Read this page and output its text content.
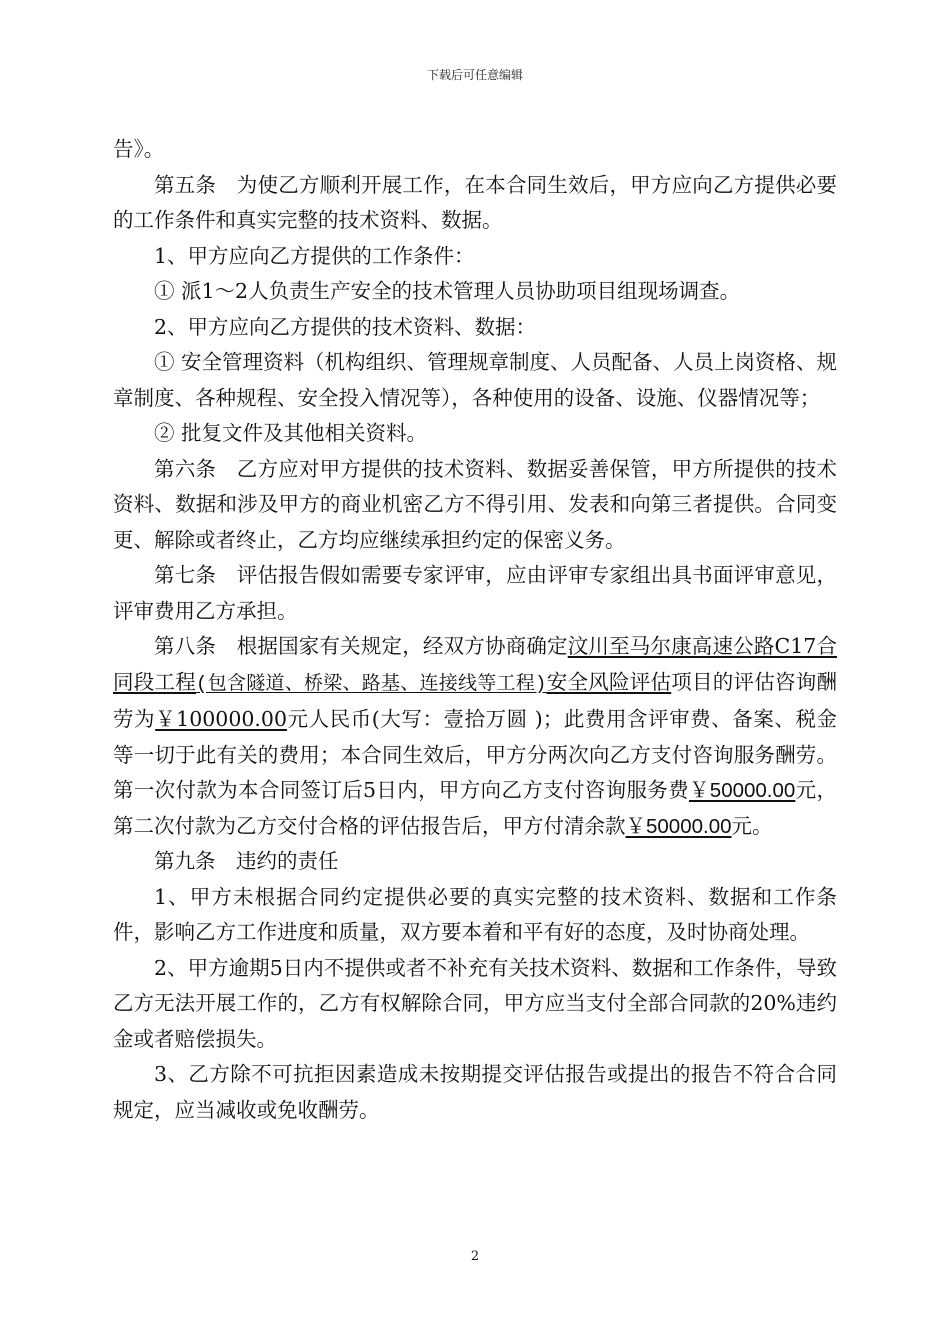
下载后可任意编辑

告》。

第五条　为使乙方顺利开展工作，在本合同生效后，甲方应向乙方提供必要的工作条件和真实完整的技术资料、数据。

1、甲方应向乙方提供的工作条件：

① 派1～2人负责生产安全的技术管理人员协助项目组现场调查。

2、甲方应向乙方提供的技术资料、数据：

① 安全管理资料（机构组织、管理规章制度、人员配备、人员上岗资格、规章制度、各种规程、安全投入情况等），各种使用的设备、设施、仪器情况等；

② 批复文件及其他相关资料。

第六条　乙方应对甲方提供的技术资料、数据妥善保管，甲方所提供的技术资料、数据和涉及甲方的商业机密乙方不得引用、发表和向第三者提供。合同变更、解除或者终止，乙方均应继续承担约定的保密义务。

第七条　评估报告假如需要专家评审，应由评审专家组出具书面评审意见，评审费用乙方承担。

第八条　根据国家有关规定，经双方协商确定汶川至马尔康高速公路C17合同段工程(包含隧道、桥梁、路基、连接线等工程)安全风险评估项目的评估咨询酬劳为￥100000.00元人民币(大写：壹拾万圆 )；此费用含评审费、备案、税金等一切于此有关的费用；本合同生效后，甲方分两次向乙方支付咨询服务酬劳。第一次付款为本合同签订后5日内，甲方向乙方支付咨询服务费￥50000.00元，第二次付款为乙方交付合格的评估报告后，甲方付清余款￥50000.00元。

第九条　违约的责任

1、甲方未根据合同约定提供必要的真实完整的技术资料、数据和工作条件，影响乙方工作进度和质量，双方要本着和平有好的态度，及时协商处理。

2、甲方逾期5日内不提供或者不补充有关技术资料、数据和工作条件，导致乙方无法开展工作的，乙方有权解除合同，甲方应当支付全部合同款的20%违约金或者赔偿损失。

3、乙方除不可抗拒因素造成未按期提交评估报告或提出的报告不符合合同规定，应当减收或免收酬劳。

2
